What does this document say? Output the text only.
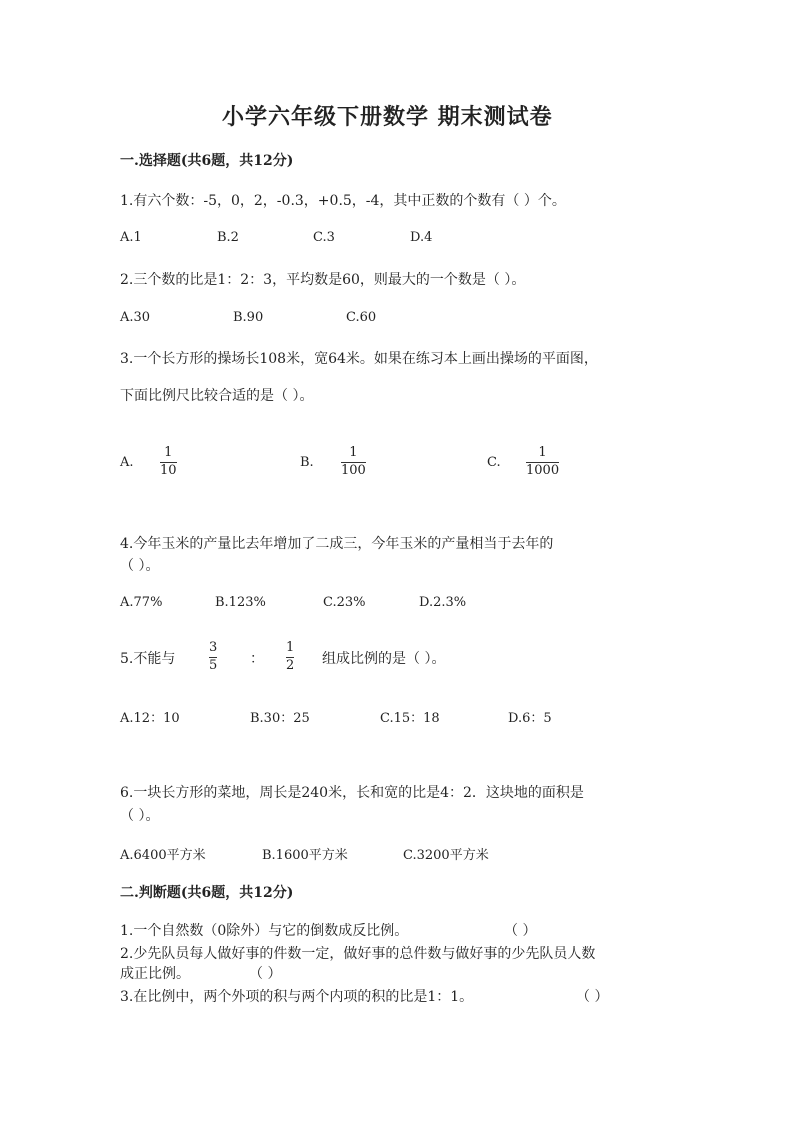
小学六年级下册数学 期末测试卷
一.选择题(共6题，共12分)
1.有六个数：-5，0，2，-0.3，+0.5，-4，其中正数的个数有（ ）个。
A.1	B.2	C.3	D.4
2.三个数的比是1：2：3，平均数是60，则最大的一个数是（ ）。
A.30	B.90	C.60
3.一个长方形的操场长108米，宽64米。如果在练习本上画出操场的平面图，
下面比例尺比较合适的是（ ）。
A.
1
10
B.
1
100
C.
1
1000
4.今年玉米的产量比去年增加了二成三，今年玉米的产量相当于去年的
（ ）。
A.77%	B.123%	C.23%	D.2.3%
5.不能与
3
5 ：
1
2 组成比例的是（ ）。
A.12：10	B.30：25	C.15：18	D.6：5
6.一块长方形的菜地，周长是240米，长和宽的比是4：2．这块地的面积是
（ ）。
A.6400平方米	B.1600平方米	C.3200平方米
二.判断题(共6题，共12分)
1.一个自然数（0除外）与它的倒数成反比例。	（ ）
2.少先队员每人做好事的件数一定，做好事的总件数与做好事的少先队员人数
成正比例。	（ ）
3.在比例中，两个外项的积与两个内项的积的比是1：1。	（ ）
